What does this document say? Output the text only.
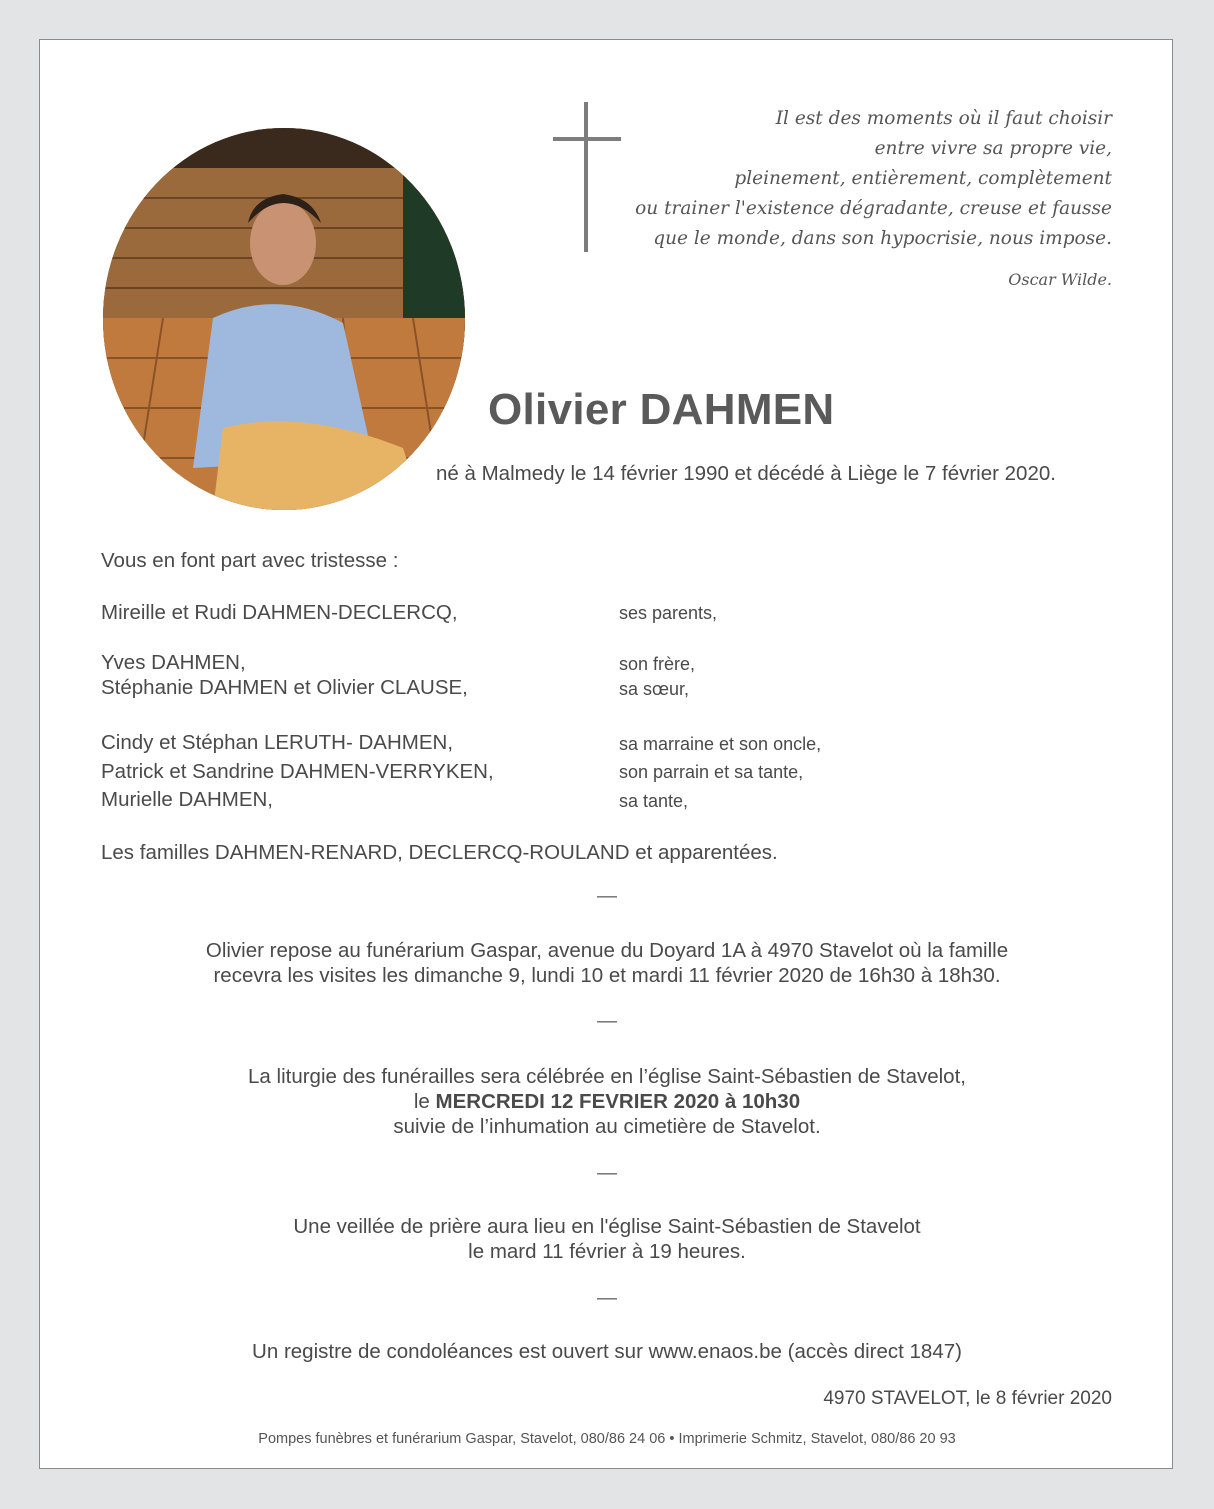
Il est des moments où il faut choisir
entre vivre sa propre vie,
pleinement, entièrement, complètement
ou trainer l'existence dégradante, creuse et fausse
que le monde, dans son hypocrisie, nous impose.
Oscar Wilde.
Olivier DAHMEN
né à Malmedy le 14 février 1990 et décédé à Liège le 7 février 2020.
Vous en font part avec tristesse :
Mireille et Rudi DAHMEN-DECLERCQ,	ses parents,
Yves DAHMEN,	son frère,
Stéphanie DAHMEN et Olivier CLAUSE,	sa sœur,
Cindy et Stéphan LERUTH- DAHMEN,	sa marraine et son oncle,
Patrick et Sandrine DAHMEN-VERRYKEN,	son parrain et sa tante,
Murielle DAHMEN,	sa tante,
Les familles DAHMEN-RENARD, DECLERCQ-ROULAND et apparentées.
—
Olivier repose au funérarium Gaspar, avenue du Doyard 1A à 4970 Stavelot où la famille
recevra les visites les dimanche 9, lundi 10 et mardi 11 février 2020 de 16h30 à 18h30.
—
La liturgie des funérailles sera célébrée en l’église Saint-Sébastien de Stavelot,
le MERCREDI 12 FEVRIER 2020 à 10h30
suivie de l’inhumation au cimetière de Stavelot.
—
Une veillée de prière aura lieu en l'église Saint-Sébastien de Stavelot
le mard 11 février à 19 heures.
—
Un registre de condoléances est ouvert sur www.enaos.be (accès direct 1847)
4970 STAVELOT, le 8 février 2020
Pompes funèbres et funérarium Gaspar, Stavelot, 080/86 24 06 • Imprimerie Schmitz, Stavelot, 080/86 20 93
